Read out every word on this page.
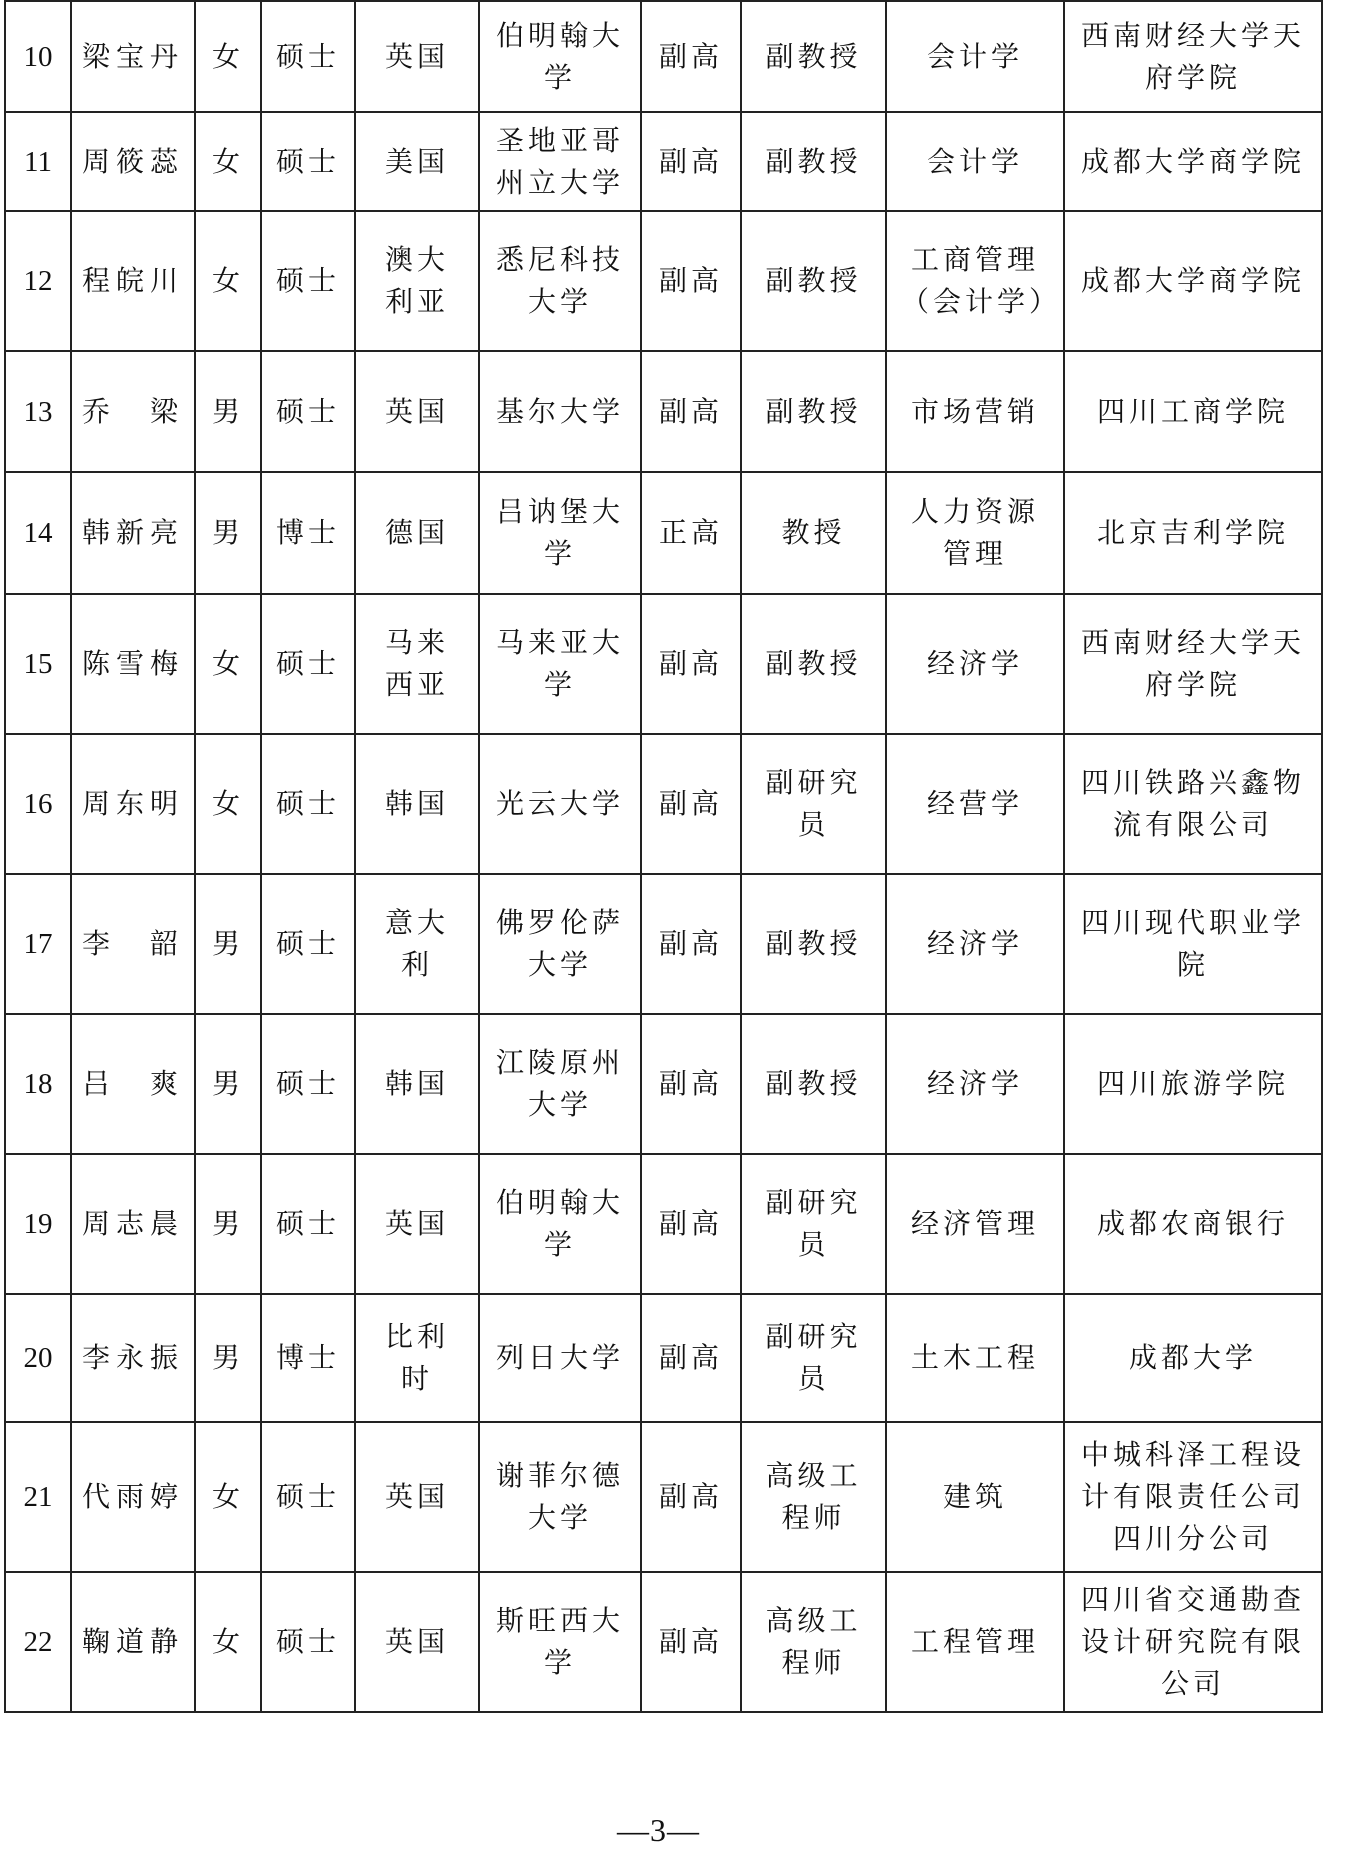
10	梁宝丹	女	硕士	英国	伯明翰大学	副高	副教授	会计学	西南财经大学天府学院
11	周筱蕊	女	硕士	美国	圣地亚哥州立大学	副高	副教授	会计学	成都大学商学院
12	程皖川	女	硕士	澳大利亚	悉尼科技大学	副高	副教授	工商管理（会计学）	成都大学商学院
13	乔　梁	男	硕士	英国	基尔大学	副高	副教授	市场营销	四川工商学院
14	韩新亮	男	博士	德国	吕讷堡大学	正高	教授	人力资源管理	北京吉利学院
15	陈雪梅	女	硕士	马来西亚	马来亚大学	副高	副教授	经济学	西南财经大学天府学院
16	周东明	女	硕士	韩国	光云大学	副高	副研究员	经营学	四川铁路兴鑫物流有限公司
17	李　韶	男	硕士	意大利	佛罗伦萨大学	副高	副教授	经济学	四川现代职业学院
18	吕　爽	男	硕士	韩国	江陵原州大学	副高	副教授	经济学	四川旅游学院
19	周志晨	男	硕士	英国	伯明翰大学	副高	副研究员	经济管理	成都农商银行
20	李永振	男	博士	比利时	列日大学	副高	副研究员	土木工程	成都大学
21	代雨婷	女	硕士	英国	谢菲尔德大学	副高	高级工程师	建筑	中城科泽工程设计有限责任公司四川分公司
22	鞠道静	女	硕士	英国	斯旺西大学	副高	高级工程师	工程管理	四川省交通勘查设计研究院有限公司
—3—
